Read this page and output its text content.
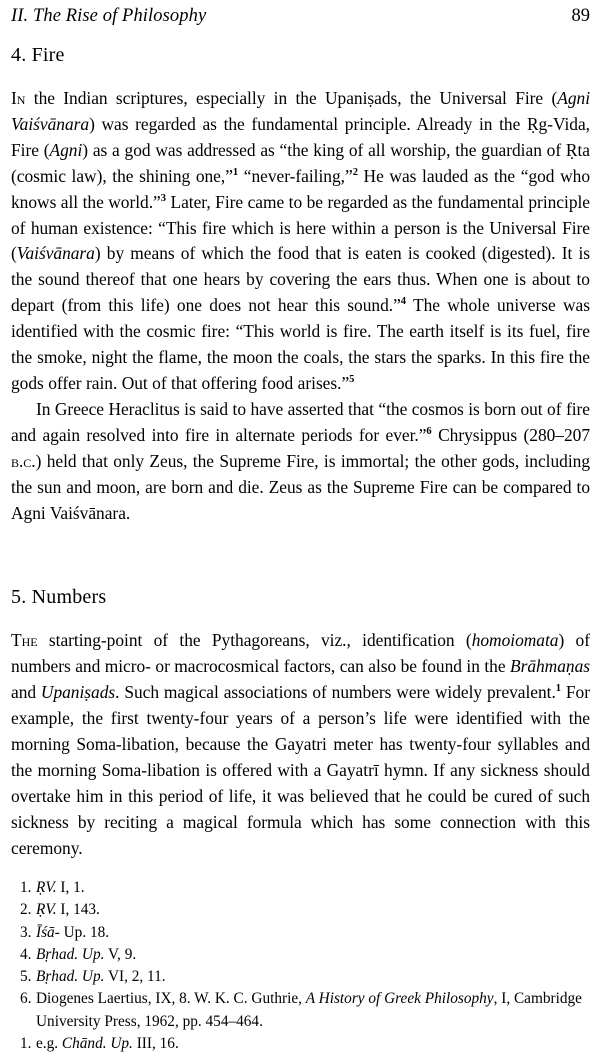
II. The Rise of Philosophy	89
4. Fire

In the Indian scriptures, especially in the Upaniṣads, the Universal Fire (Agni Vaiśvānara) was regarded as the fundamental principle. Already in the Ṛg-Vida, Fire (Agni) as a god was addressed as “the king of all worship, the guardian of Ṛta (cosmic law), the shining one,”$^1$ “never-failing,”$^2$ He was lauded as the “god who knows all the world.”$^3$ Later, Fire came to be regarded as the fundamental principle of human existence: “This fire which is here within a person is the Universal Fire (Vaiśvānara) by means of which the food that is eaten is cooked (digested). It is the sound thereof that one hears by covering the ears thus. When one is about to depart (from this life) one does not hear this sound.”$^4$ The whole universe was identified with the cosmic fire: “This world is fire. The earth itself is its fuel, fire the smoke, night the flame, the moon the coals, the stars the sparks. In this fire the gods offer rain. Out of that offering food arises.”$^5$

In Greece Heraclitus is said to have asserted that “the cosmos is born out of fire and again resolved into fire in alternate periods for ever.”$^6$ Chrysippus (280–207 b.c.) held that only Zeus, the Supreme Fire, is immortal; the other gods, including the sun and moon, are born and die. Zeus as the Supreme Fire can be compared to Agni Vaiśvānara.

5. Numbers

The starting-point of the Pythagoreans, viz., identification (homoiomata) of numbers and micro- or macrocosmical factors, can also be found in the Brāhmaṇas and Upaniṣads. Such magical associations of numbers were widely prevalent.$^1$ For example, the first twenty-four years of a person’s life were identified with the morning Soma-libation, because the Gayatri meter has twenty-four syllables and the morning Soma-libation is offered with a Gayatrī hymn. If any sickness should overtake him in this period of life, it was believed that he could be cured of such sickness by reciting a magical formula which has some connection with this ceremony.

1. ṚV. I, 1.
2. ṚV. I, 143.
3. Īśā- Up. 18.
4. Bṛhad. Up. V, 9.
5. Bṛhad. Up. VI, 2, 11.
6. Diogenes Laertius, IX, 8. W. K. C. Guthrie, A History of Greek Philosophy, I, Cambridge
University Press, 1962, pp. 454–464.
1. e.g. Chānd. Up. III, 16.
